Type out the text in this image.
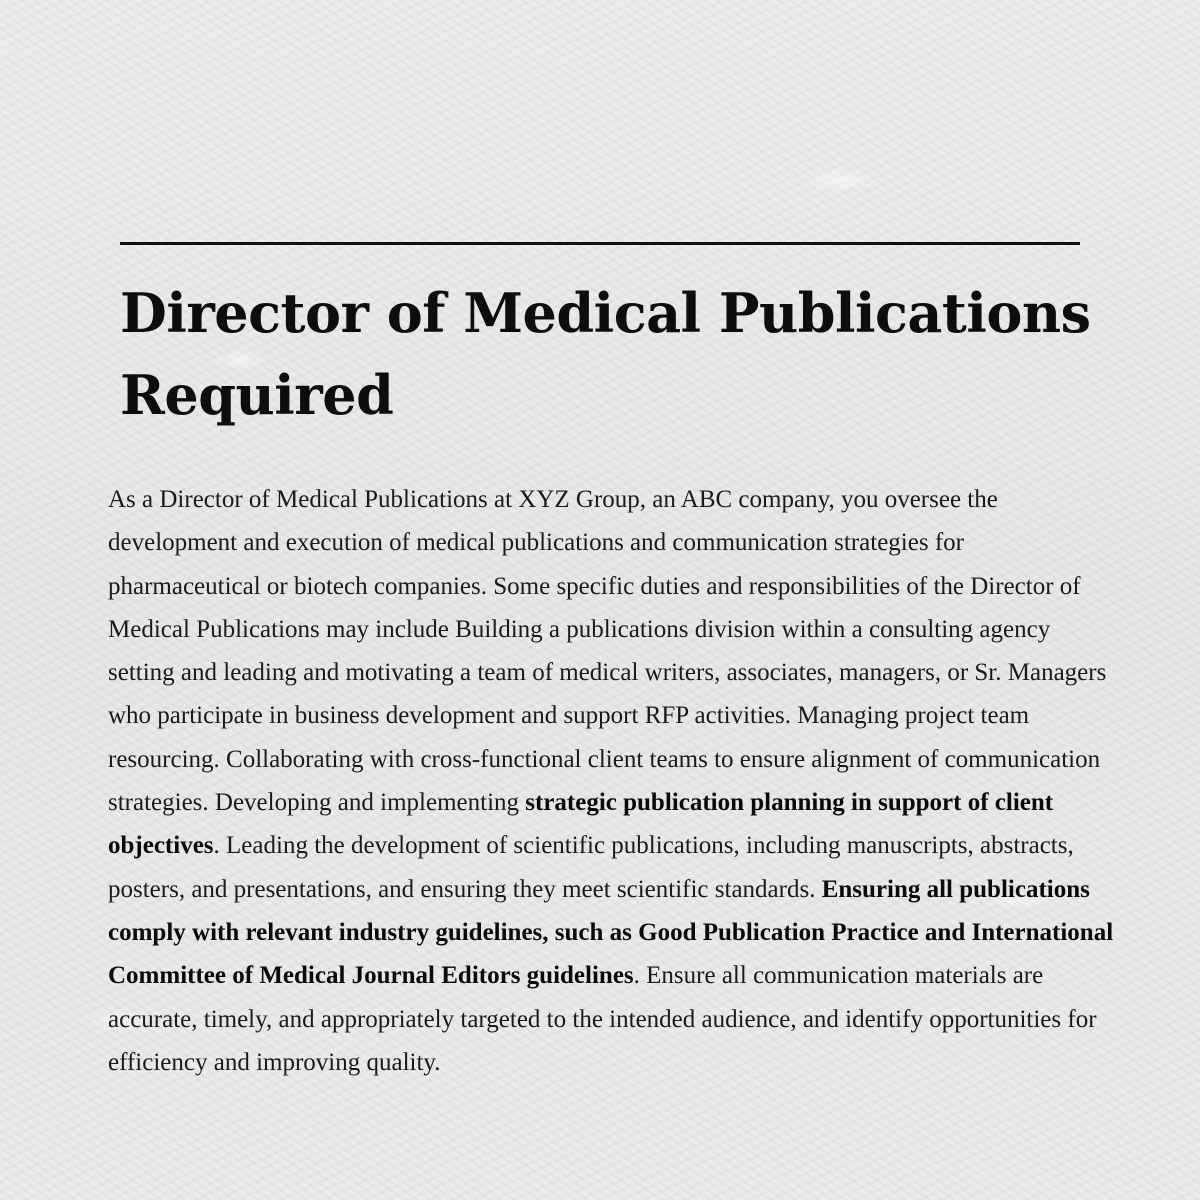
Director of Medical Publications Required

As a Director of Medical Publications at XYZ Group, an ABC company, you oversee the development and execution of medical publications and communication strategies for pharmaceutical or biotech companies. Some specific duties and responsibilities of the Director of Medical Publications may include Building a publications division within a consulting agency setting and leading and motivating a team of medical writers, associates, managers, or Sr. Managers who participate in business development and support RFP activities. Managing project team resourcing. Collaborating with cross-functional client teams to ensure alignment of communication strategies. Developing and implementing strategic publication planning in support of client objectives. Leading the development of scientific publications, including manuscripts, abstracts, posters, and presentations, and ensuring they meet scientific standards. Ensuring all publications comply with relevant industry guidelines, such as Good Publication Practice and International Committee of Medical Journal Editors guidelines. Ensure all communication materials are accurate, timely, and appropriately targeted to the intended audience, and identify opportunities for efficiency and improving quality.
